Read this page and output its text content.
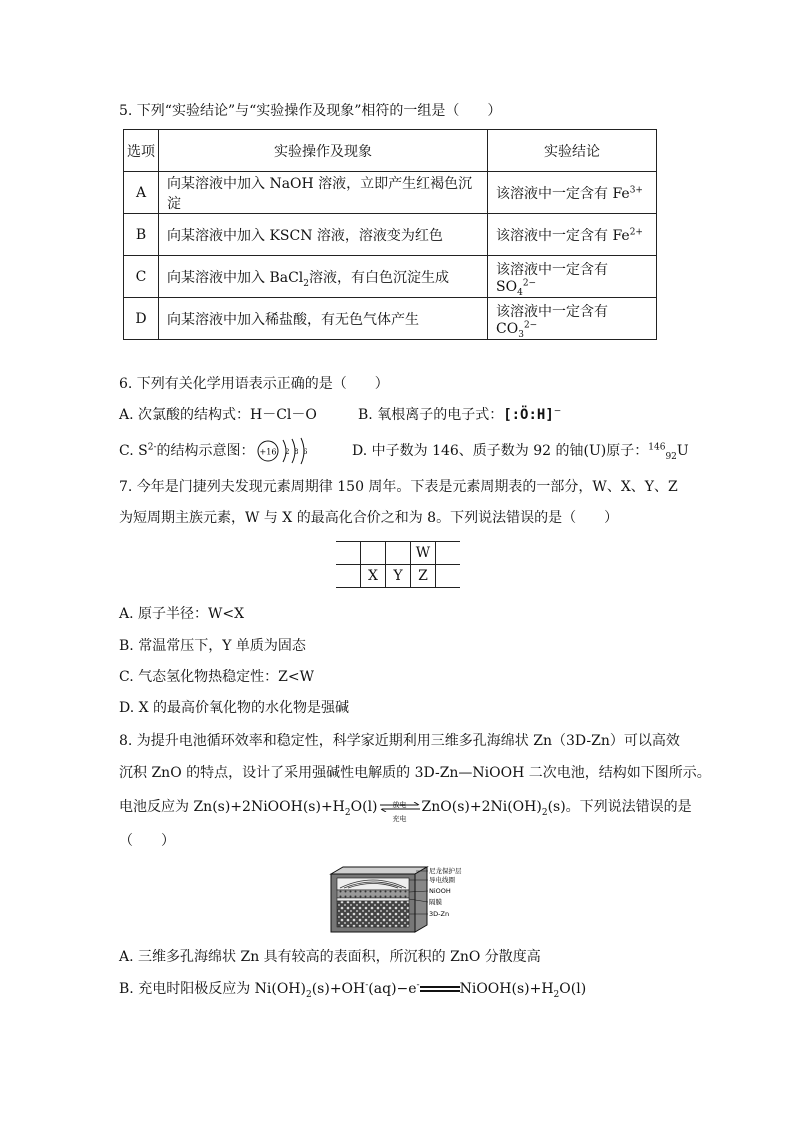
5. 下列“实验结论”与“实验操作及现象”相符的一组是（　　）
选项	实验操作及现象	实验结论
A	向某溶液中加入 NaOH 溶液，立即产生红褐色沉淀	该溶液中一定含有 $Fe^{3+}$
B	向某溶液中加入 KSCN 溶液，溶液变为红色	该溶液中一定含有 $Fe^{2+}$
C	向某溶液中加入 BaCl$_2$溶液，有白色沉淀生成	该溶液中一定含有 $SO_4^{2-}$
D	向某溶液中加入稀盐酸，有无色气体产生	该溶液中一定含有 $CO_3^{2-}$
6. 下列有关化学用语表示正确的是（　　）
A. 次氯酸的结构式：H－Cl－O	B. 氧根离子的电子式：[:Ö:H]−
C. $S^{2-}$的结构示意图： +16 2 8 6	D. 中子数为 146、质子数为 92 的铀(U)原子：$^{146}_{92}$U
7. 今年是门捷列夫发现元素周期律 150 周年。下表是元素周期表的一部分，W、X、Y、Z
为短周期主族元素，W 与 X 的最高化合价之和为 8。下列说法错误的是（　　）
			W	
	X	Y	Z	
A. 原子半径：W<X
B. 常温常压下，Y 单质为固态
C. 气态氢化物热稳定性：Z<W
D. X 的最高价氧化物的水化物是强碱
8. 为提升电池循环效率和稳定性，科学家近期利用三维多孔海绵状 Zn（3D-Zn）可以高效
沉积 ZnO 的特点，设计了采用强碱性电解质的 3D-Zn—NiOOH 二次电池，结构如下图所示。
电池反应为 $Zn(s)+2NiOOH(s)+H_2O(l)$	放电
充电
$ZnO(s)+2Ni(OH)_2(s)$。下列说法错误的是
（　　）
尼龙保护层
导电线圈
NiOOH
隔膜
3D-Zn
A. 三维多孔海绵状 Zn 具有较高的表面积，所沉积的 ZnO 分散度高
B. 充电时阳极反应为 $Ni(OH)_2(s)+OH^-(aq)-e^-$	$NiOOH(s)+H_2O(l)$
